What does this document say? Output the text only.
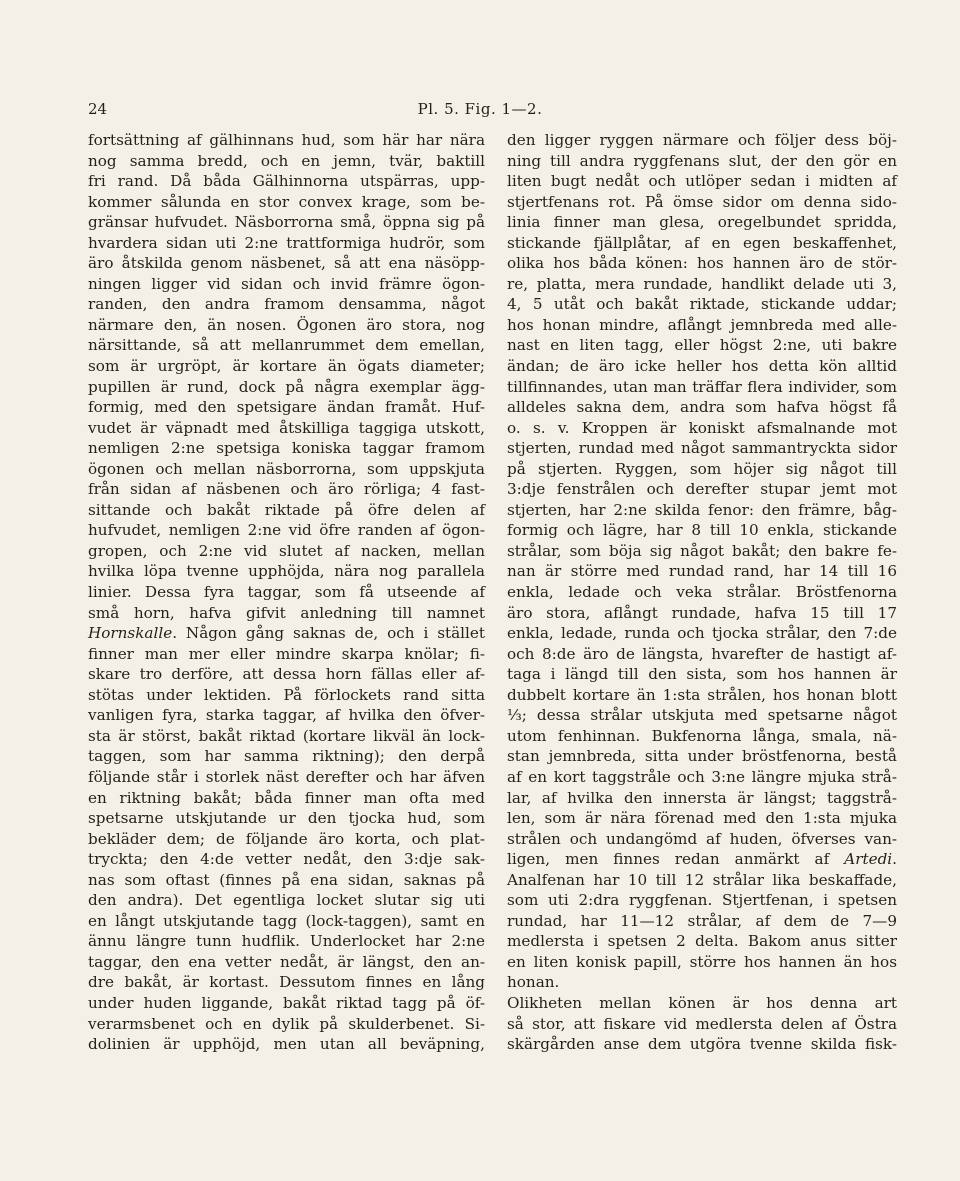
24	Pl. 5. Fig. 1—2.
fortsättning af gälhinnans hud, som här har nära
nog samma bredd, och en jemn, tvär, baktill
fri rand. Då båda Gälhinnorna utspärras, upp-
kommer sålunda en stor convex krage, som be-
gränsar hufvudet. Näsborrorna små, öppna sig på
hvardera sidan uti 2:ne trattformiga hudrör, som
äro åtskilda genom näsbenet, så att ena näsöpp-
ningen ligger vid sidan och invid främre ögon-
randen, den andra framom densamma, något
närmare den, än nosen. Ögonen äro stora, nog
närsittande, så att mellanrummet dem emellan,
som är urgröpt, är kortare än ögats diameter;
pupillen är rund, dock på några exemplar ägg-
formig, med den spetsigare ändan framåt. Huf-
vudet är väpnadt med åtskilliga taggiga utskott,
nemligen 2:ne spetsiga koniska taggar framom
ögonen och mellan näsborrorna, som uppskjuta
från sidan af näsbenen och äro rörliga; 4 fast-
sittande och bakåt riktade på öfre delen af
hufvudet, nemligen 2:ne vid öfre randen af ögon-
gropen, och 2:ne vid slutet af nacken, mellan
hvilka löpa tvenne upphöjda, nära nog parallela
linier. Dessa fyra taggar, som få utseende af
små horn, hafva gifvit anledning till namnet
Hornskalle. Någon gång saknas de, och i stället
finner man mer eller mindre skarpa knölar; fi-
skare tro derföre, att dessa horn fällas eller af-
stötas under lektiden. På förlockets rand sitta
vanligen fyra, starka taggar, af hvilka den öfver-
sta är störst, bakåt riktad (kortare likväl än lock-
taggen, som har samma riktning); den derpå
följande står i storlek näst derefter och har äfven
en riktning bakåt; båda finner man ofta med
spetsarne utskjutande ur den tjocka hud, som
bekläder dem; de följande äro korta, och plat-
tryckta; den 4:de vetter nedåt, den 3:dje sak-
nas som oftast (finnes på ena sidan, saknas på
den andra). Det egentliga locket slutar sig uti
en långt utskjutande tagg (lock-taggen), samt en
ännu längre tunn hudflik. Underlocket har 2:ne
taggar, den ena vetter nedåt, är längst, den an-
dre bakåt, är kortast. Dessutom finnes en lång
under huden liggande, bakåt riktad tagg på öf-
verarmsbenet och en dylik på skulderbenet. Si-
dolinien är upphöjd, men utan all beväpning,
den ligger ryggen närmare och följer dess böj-
ning till andra ryggfenans slut, der den gör en
liten bugt nedåt och utlöper sedan i midten af
stjertfenans rot. På ömse sidor om denna sido-
linia finner man glesa, oregelbundet spridda,
stickande fjällplåtar, af en egen beskaffenhet,
olika hos båda könen: hos hannen äro de stör-
re, platta, mera rundade, handlikt delade uti 3,
4, 5 utåt och bakåt riktade, stickande uddar;
hos honan mindre, aflångt jemnbreda med alle-
nast en liten tagg, eller högst 2:ne, uti bakre
ändan; de äro icke heller hos detta kön alltid
tillfinnandes, utan man träffar flera individer, som
alldeles sakna dem, andra som hafva högst få
o. s. v. Kroppen är koniskt afsmalnande mot
stjerten, rundad med något sammantryckta sidor
på stjerten. Ryggen, som höjer sig något till
3:dje fenstrålen och derefter stupar jemt mot
stjerten, har 2:ne skilda fenor: den främre, båg-
formig och lägre, har 8 till 10 enkla, stickande
strålar, som böja sig något bakåt; den bakre fe-
nan är större med rundad rand, har 14 till 16
enkla, ledade och veka strålar. Bröstfenorna
äro stora, aflångt rundade, hafva 15 till 17
enkla, ledade, runda och tjocka strålar, den 7:de
och 8:de äro de längsta, hvarefter de hastigt af-
taga i längd till den sista, som hos hannen är
dubbelt kortare än 1:sta strålen, hos honan blott
⅓; dessa strålar utskjuta med spetsarne något
utom fenhinnan. Bukfenorna långa, smala, nä-
stan jemnbreda, sitta under bröstfenorna, bestå
af en kort taggstråle och 3:ne längre mjuka strå-
lar, af hvilka den innersta är längst; taggstrå-
len, som är nära förenad med den 1:sta mjuka
strålen och undangömd af huden, öfverses van-
ligen, men finnes redan anmärkt af Artedi.
Analfenan har 10 till 12 strålar lika beskaffade,
som uti 2:dra ryggfenan. Stjertfenan, i spetsen
rundad, har 11—12 strålar, af dem de 7—9
medlersta i spetsen 2 delta. Bakom anus sitter
en liten konisk papill, större hos hannen än hos
honan.
Olikheten mellan könen är hos denna art
så stor, att fiskare vid medlersta delen af Östra
skärgården anse dem utgöra tvenne skilda fisk-
